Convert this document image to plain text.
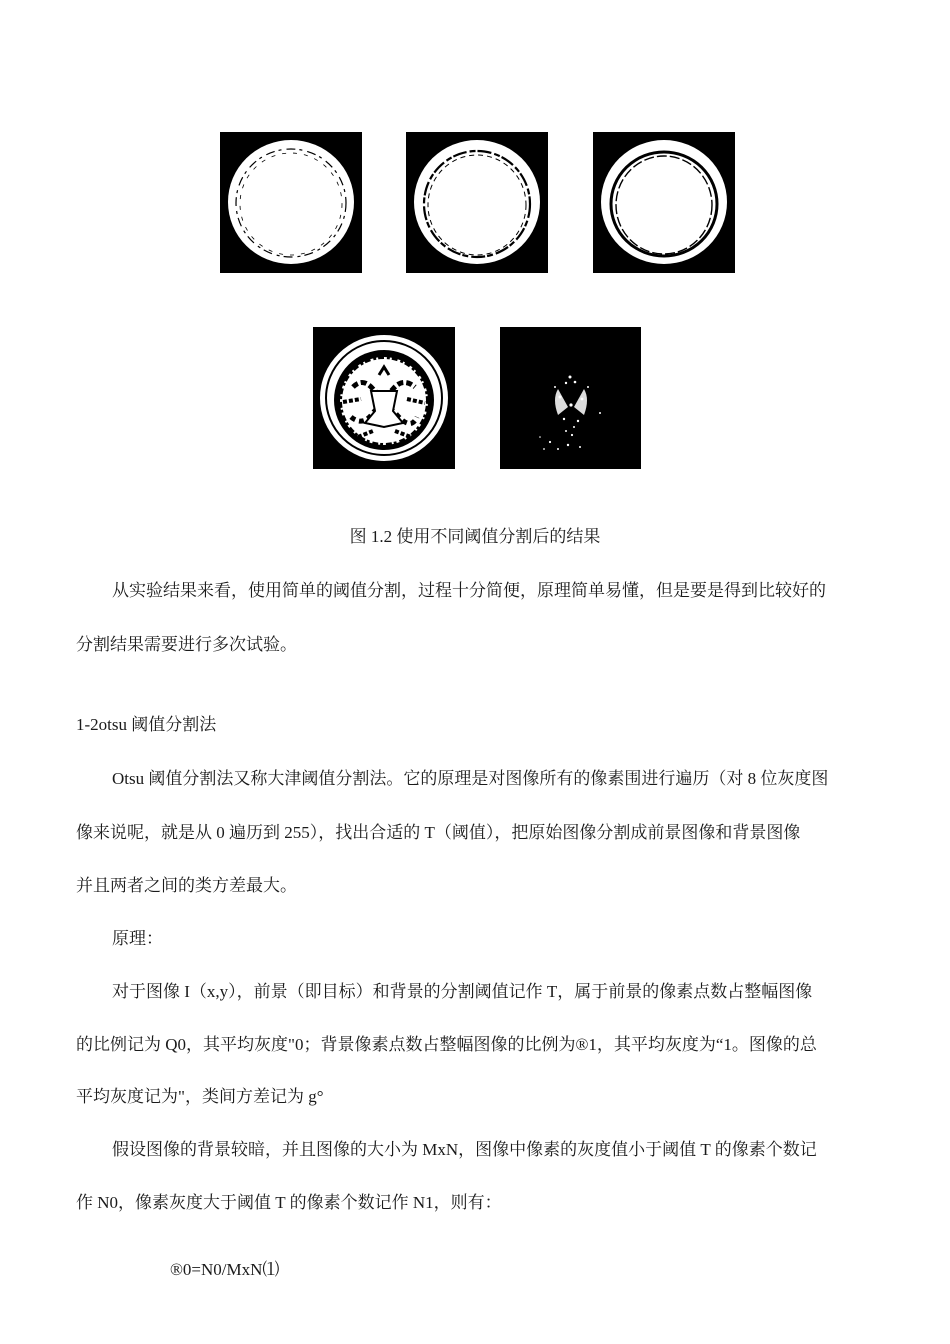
图 1.2 使用不同阈值分割后的结果
从实验结果来看，使用简单的阈值分割，过程十分简便，原理简单易懂，但是要是得到比较好的
分割结果需要进行多次试验。
1-2otsu 阈值分割法
Otsu 阈值分割法又称大津阈值分割法。它的原理是对图像所有的像素围进行遍历（对 8 位灰度图
像来说呢，就是从 0 遍历到 255），找出合适的 T（阈值），把原始图像分割成前景图像和背景图像
并且两者之间的类方差最大。
原理：
对于图像 I（x,y），前景（即目标）和背景的分割阈值记作 T，属于前景的像素点数占整幅图像
的比例记为 Q0，其平均灰度"0；背景像素点数占整幅图像的比例为®1，其平均灰度为“1。图像的总
平均灰度记为"，类间方差记为 g°
假设图像的背景较暗，并且图像的大小为 MxN，图像中像素的灰度值小于阈值 T 的像素个数记
作 N0，像素灰度大于阈值 T 的像素个数记作 N1，则有：
®0=N0/MxN⑴
